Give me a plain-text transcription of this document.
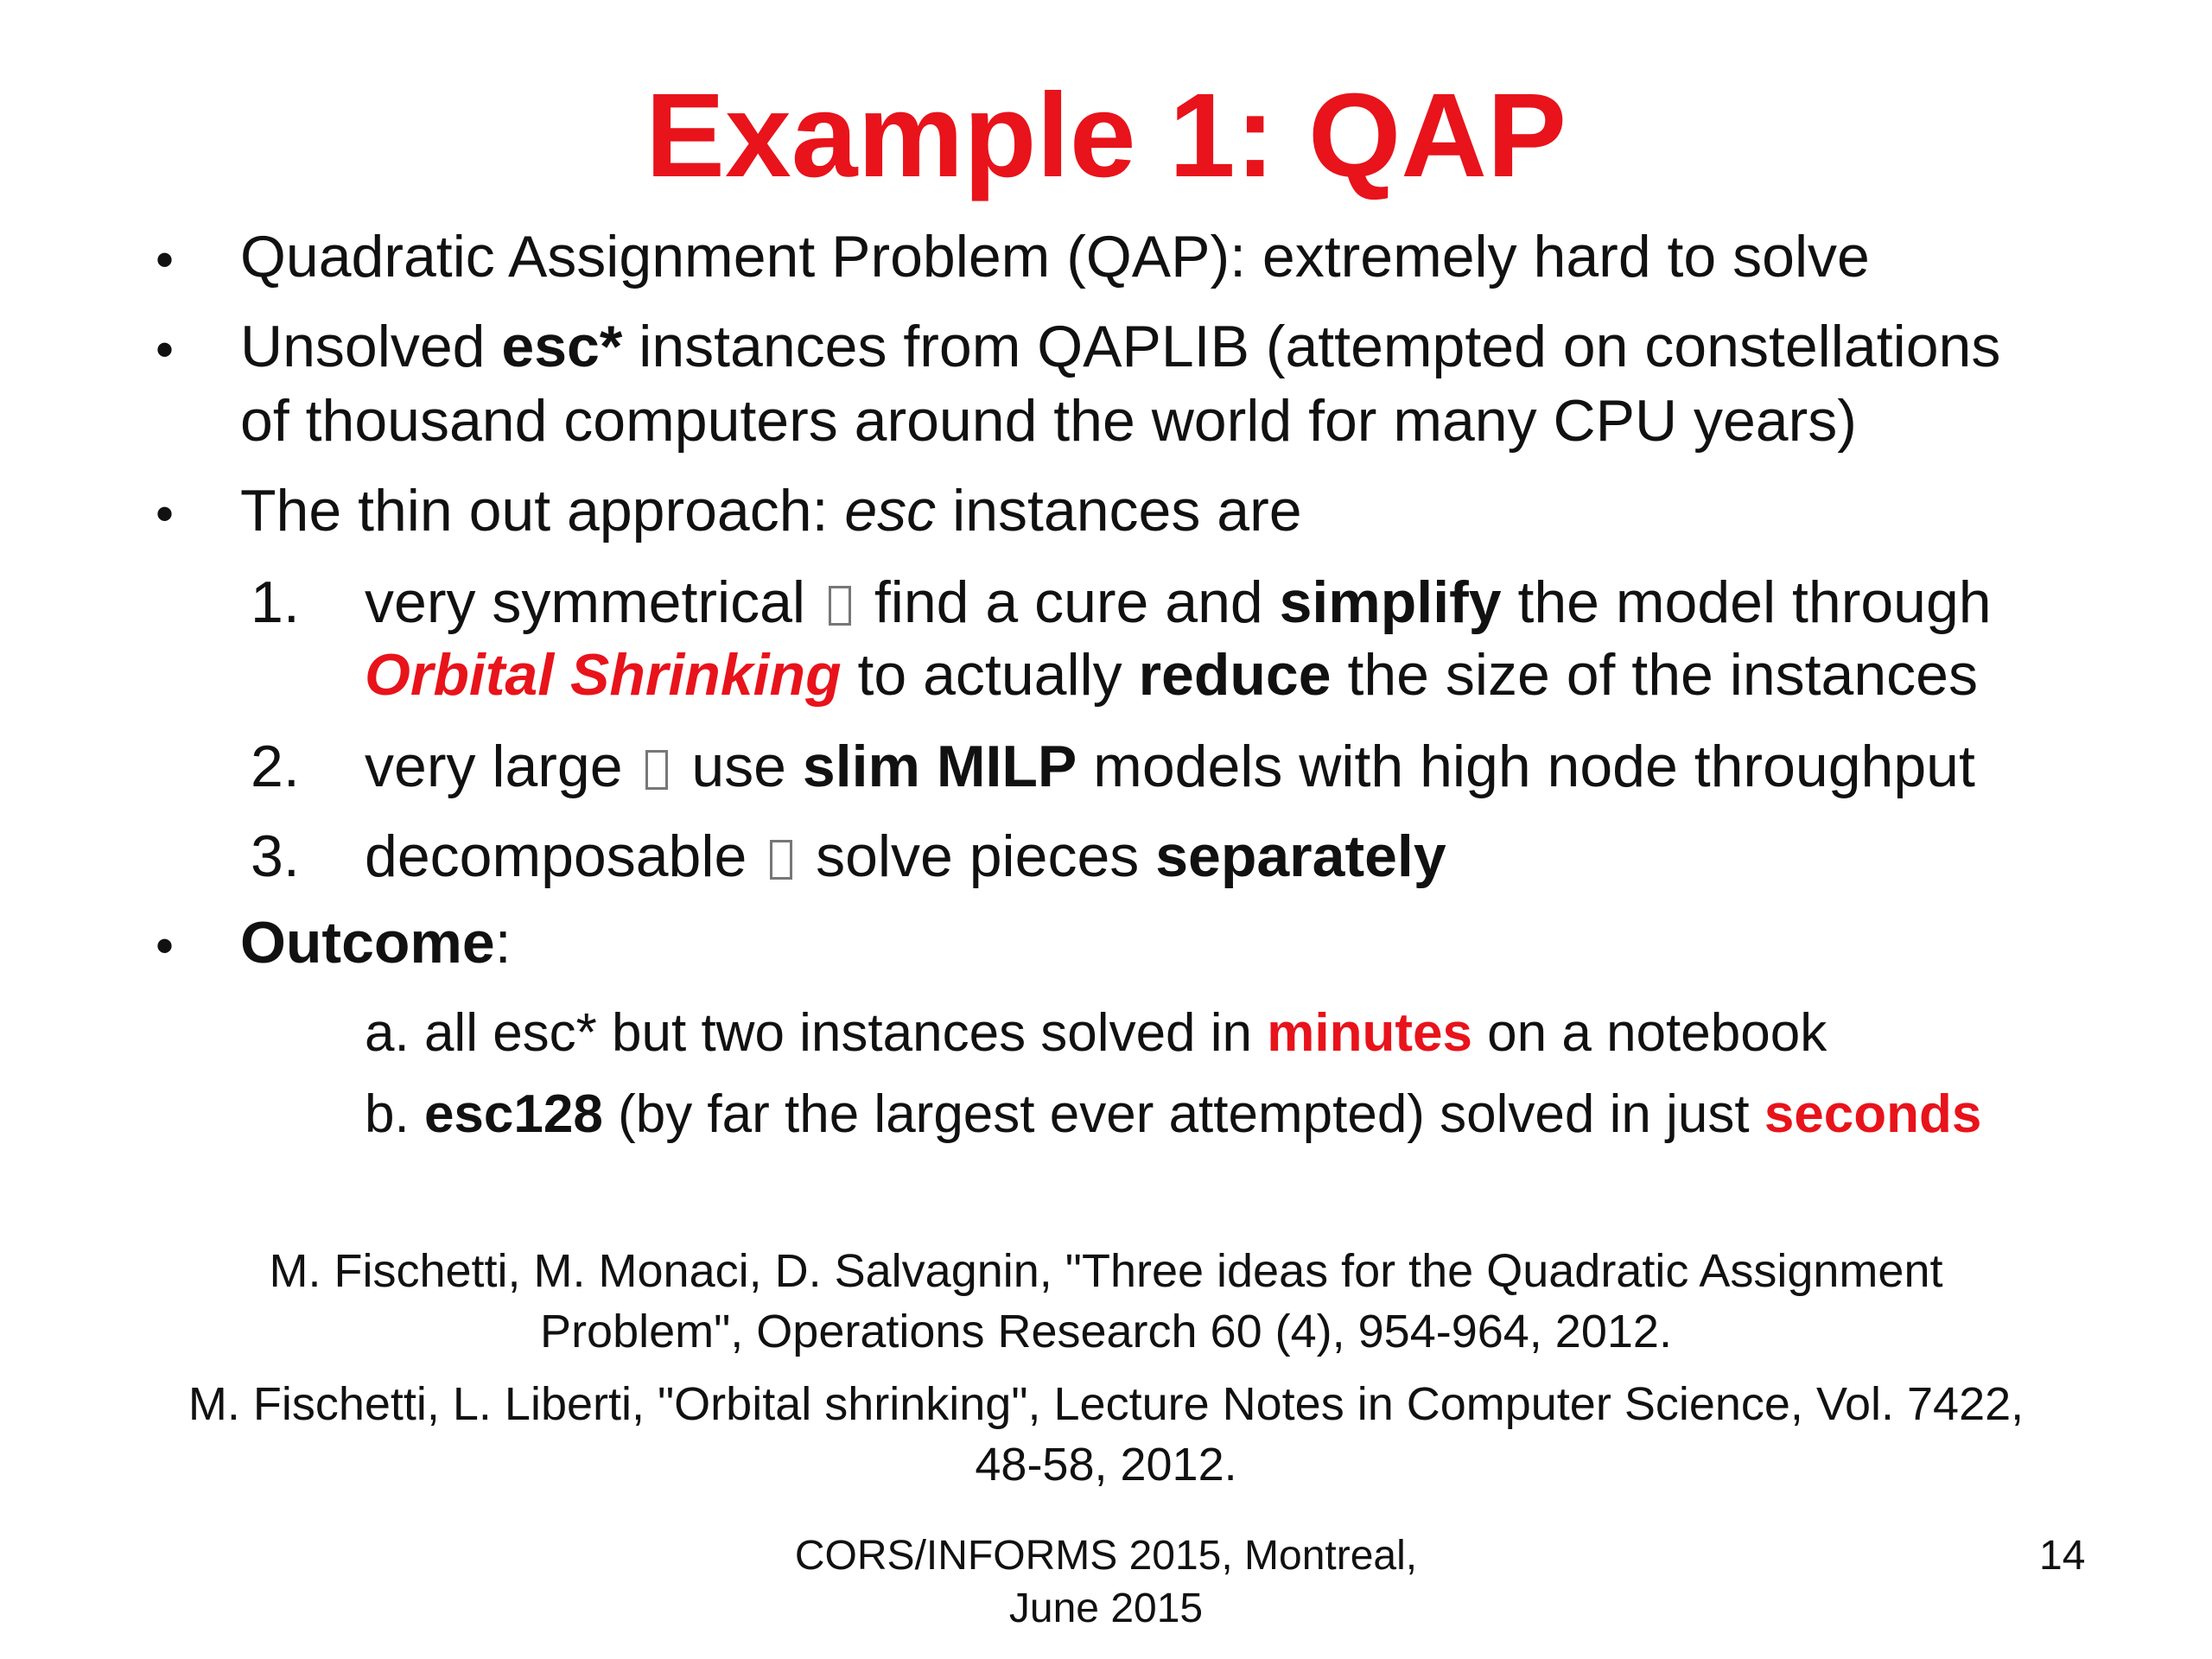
Example 1: QAP
• Quadratic Assignment Problem (QAP): extremely hard to solve
• Unsolved esc* instances from QAPLIB (attempted on constellations
of thousand computers around the world for many CPU years)
• The thin out approach: esc instances are
1. very symmetrical  find a cure and simplify the model through
Orbital Shrinking to actually reduce the size of the instances
2. very large  use slim MILP models with high node throughput
3. decomposable  solve pieces separately
• Outcome:
a. all esc* but two instances solved in minutes on a notebook
b. esc128 (by far the largest ever attempted) solved in just seconds
M. Fischetti, M. Monaci, D. Salvagnin, "Three ideas for the Quadratic Assignment
Problem", Operations Research 60 (4), 954-964, 2012.
M. Fischetti, L. Liberti, "Orbital shrinking", Lecture Notes in Computer Science, Vol. 7422,
48-58, 2012.
CORS/INFORMS 2015, Montreal,
June 2015
14
